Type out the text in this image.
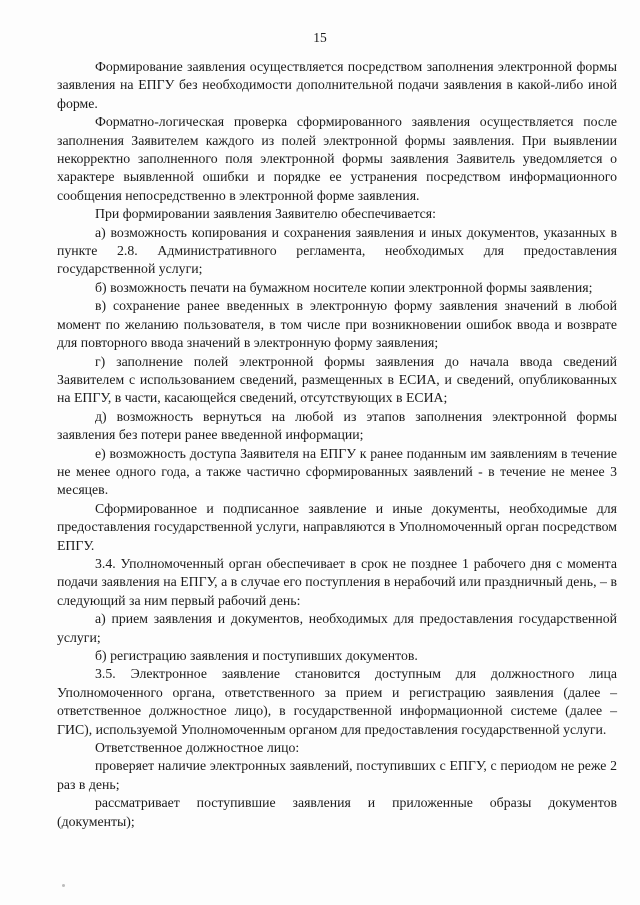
15

Формирование заявления осуществляется посредством заполнения электронной формы заявления на ЕПГУ без необходимости дополнительной подачи заявления в какой-либо иной форме.

Форматно-логическая проверка сформированного заявления осуществляется после заполнения Заявителем каждого из полей электронной формы заявления. При выявлении некорректно заполненного поля электронной формы заявления Заявитель уведомляется о характере выявленной ошибки и порядке ее устранения посредством информационного сообщения непосредственно в электронной форме заявления.

При формировании заявления Заявителю обеспечивается:

а) возможность копирования и сохранения заявления и иных документов, указанных в пункте 2.8. Административного регламента, необходимых для предоставления государственной услуги;

б) возможность печати на бумажном носителе копии электронной формы заявления;

в) сохранение ранее введенных в электронную форму заявления значений в любой момент по желанию пользователя, в том числе при возникновении ошибок ввода и возврате для повторного ввода значений в электронную форму заявления;

г) заполнение полей электронной формы заявления до начала ввода сведений Заявителем с использованием сведений, размещенных в ЕСИА, и сведений, опубликованных на ЕПГУ, в части, касающейся сведений, отсутствующих в ЕСИА;

д) возможность вернуться на любой из этапов заполнения электронной формы заявления без потери ранее введенной информации;

е) возможность доступа Заявителя на ЕПГУ к ранее поданным им заявлениям в течение не менее одного года, а также частично сформированных заявлений - в течение не менее 3 месяцев.

Сформированное и подписанное заявление и иные документы, необходимые для предоставления государственной услуги, направляются в Уполномоченный орган посредством ЕПГУ.

3.4. Уполномоченный орган обеспечивает в срок не позднее 1 рабочего дня с момента подачи заявления на ЕПГУ, а в случае его поступления в нерабочий или праздничный день, – в следующий за ним первый рабочий день:

а) прием заявления и документов, необходимых для предоставления государственной услуги;

б) регистрацию заявления и поступивших документов.

3.5. Электронное заявление становится доступным для должностного лица Уполномоченного органа, ответственного за прием и регистрацию заявления (далее – ответственное должностное лицо), в государственной информационной системе (далее – ГИС), используемой Уполномоченным органом для предоставления государственной услуги.

Ответственное должностное лицо:

проверяет наличие электронных заявлений, поступивших с ЕПГУ, с периодом не реже 2 раз в день;

рассматривает поступившие заявления и приложенные образы документов (документы);
